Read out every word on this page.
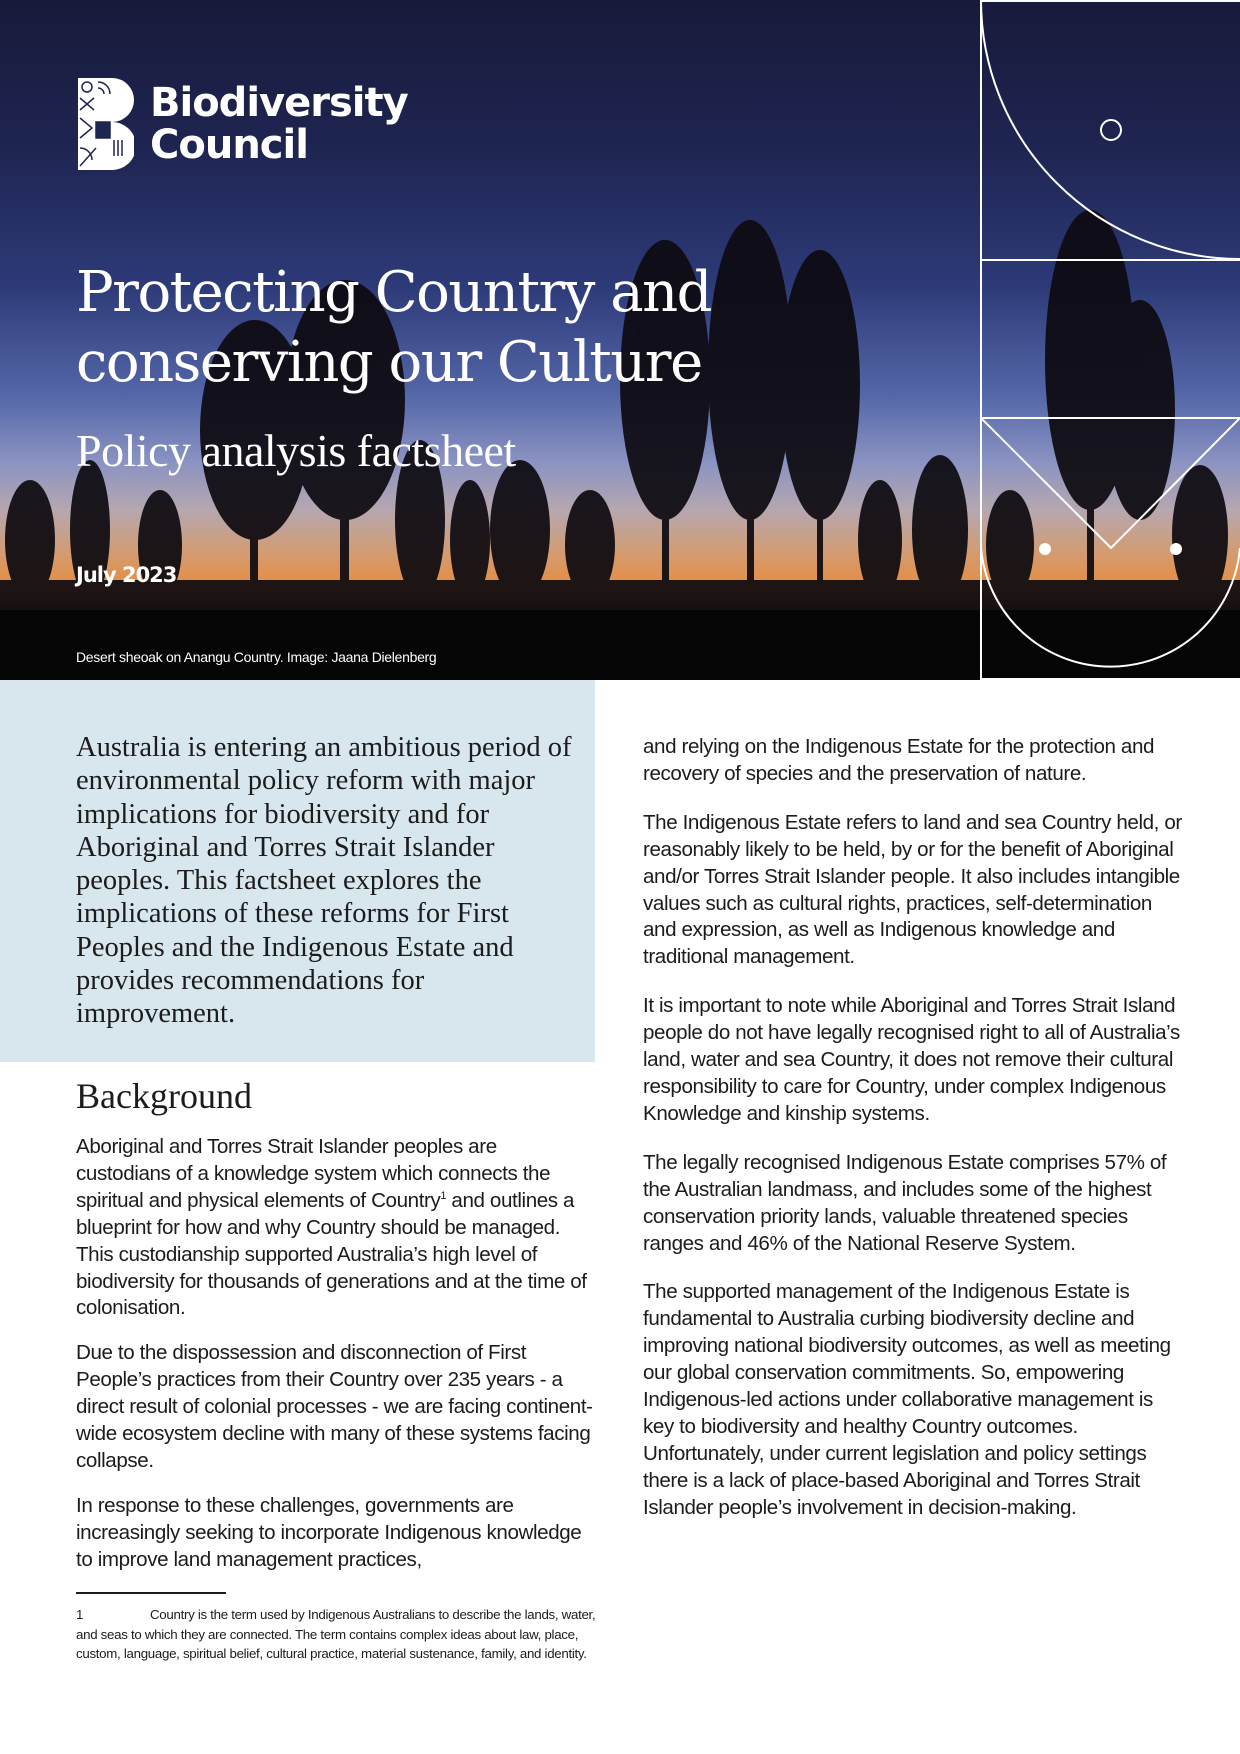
Biodiversity
Council
Protecting Country and
conserving our Culture
Policy analysis factsheet
July 2023
Desert sheoak on Anangu Country. Image: Jaana Dielenberg

Australia is entering an ambitious period of environmental policy reform with major implications for biodiversity and for Aboriginal and Torres Strait Islander peoples. This factsheet explores the implications of these reforms for First Peoples and the Indigenous Estate and provides recommendations for improvement.

Background

Aboriginal and Torres Strait Islander peoples are custodians of a knowledge system which connects the spiritual and physical elements of Country$^1$ and outlines a blueprint for how and why Country should be managed. This custodianship supported Australia’s high level of biodiversity for thousands of generations and at the time of colonisation.

Due to the dispossession and disconnection of First People’s practices from their Country over 235 years - a direct result of colonial processes - we are facing continent-wide ecosystem decline with many of these systems facing collapse.

In response to these challenges, governments are increasingly seeking to incorporate Indigenous knowledge to improve land management practices,

and relying on the Indigenous Estate for the protection and recovery of species and the preservation of nature.

The Indigenous Estate refers to land and sea Country held, or reasonably likely to be held, by or for the benefit of Aboriginal and/or Torres Strait Islander people. It also includes intangible values such as cultural rights, practices, self-determination and expression, as well as Indigenous knowledge and traditional management.

It is important to note while Aboriginal and Torres Strait Island people do not have legally recognised right to all of Australia’s land, water and sea Country, it does not remove their cultural responsibility to care for Country, under complex Indigenous Knowledge and kinship systems.

The legally recognised Indigenous Estate comprises 57% of the Australian landmass, and includes some of the highest conservation priority lands, valuable threatened species ranges and 46% of the National Reserve System.

The supported management of the Indigenous Estate is fundamental to Australia curbing biodiversity decline and improving national biodiversity outcomes, as well as meeting our global conservation commitments. So, empowering Indigenous-led actions under collaborative management is key to biodiversity and healthy Country outcomes. Unfortunately, under current legislation and policy settings there is a lack of place-based Aboriginal and Torres Strait Islander people’s involvement in decision-making.

1	Country is the term used by Indigenous Australians to describe the lands, water, and seas to which they are connected. The term contains complex ideas about law, place, custom, language, spiritual belief, cultural practice, material sustenance, family, and identity.
